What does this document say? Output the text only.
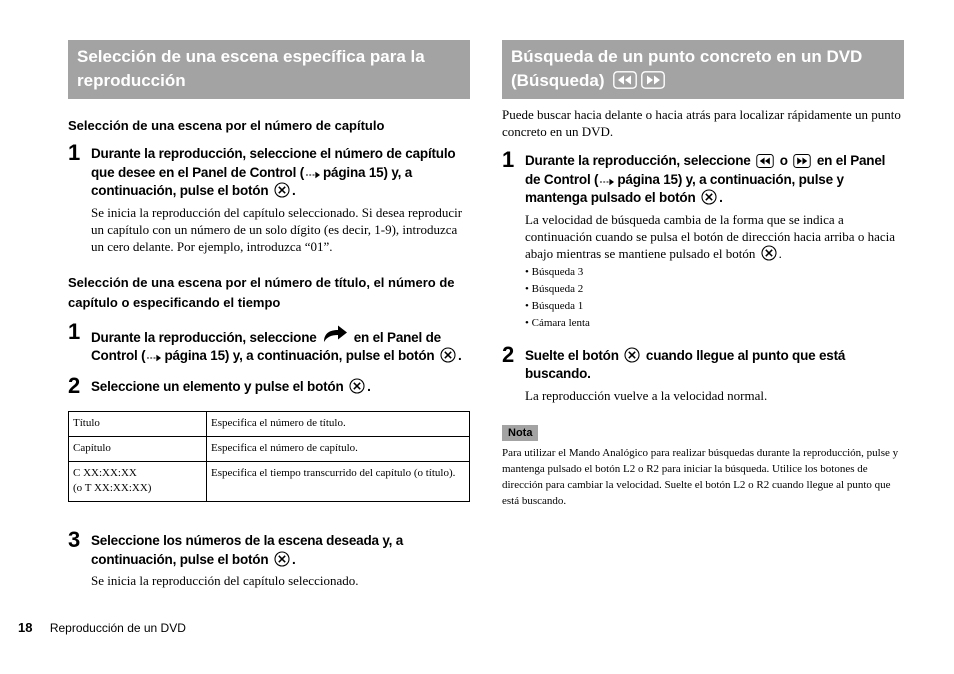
Selección de una escena específica para la reproducción

Selección de una escena por el número de capítulo

1 Durante la reproducción, seleccione el número de capítulo que desee en el Panel de Control ( página 15) y, a continuación, pulse el botón .
Se inicia la reproducción del capítulo seleccionado. Si desea reproducir un capítulo con un número de un solo dígito (es decir, 1-9), introduzca un cero delante. Por ejemplo, introduzca “01”.

Selección de una escena por el número de título, el número de capítulo o especificando el tiempo

1 Durante la reproducción, seleccione	en el Panel de Control ( página 15) y, a continuación, pulse el botón .
2 Seleccione un elemento y pulse el botón .
Título	Especifica el número de título.
Capítulo	Especifica el número de capítulo.

C XX:XX:XX
(o T XX:XX:XX)	Especifica el tiempo transcurrido del capítulo (o título).
3 Seleccione los números de la escena deseada y, a continuación, pulse el botón .
Se inicia la reproducción del capítulo seleccionado.
Búsqueda de un punto concreto en un DVD (Búsqueda)
Puede buscar hacia delante o hacia atrás para localizar rápidamente un punto concreto en un DVD.
1 Durante la reproducción, seleccione o en el Panel de Control ( página 15) y, a continuación, pulse y mantenga pulsado el botón .
La velocidad de búsqueda cambia de la forma que se indica a continuación cuando se pulsa el botón de dirección hacia arriba o hacia abajo mientras se mantiene pulsado el botón .
• Búsqueda 3
• Búsqueda 2
• Búsqueda 1
• Cámara lenta
2 Suelte el botón cuando llegue al punto que está buscando.
La reproducción vuelve a la velocidad normal.
Nota
Para utilizar el Mando Analógico para realizar búsquedas durante la reproducción, pulse y mantenga pulsado el botón L2 o R2 para iniciar la búsqueda. Utilice los botones de dirección para cambiar la velocidad. Suelte el botón L2 o R2 cuando llegue al punto que está buscando.
18 Reproducción de un DVD
